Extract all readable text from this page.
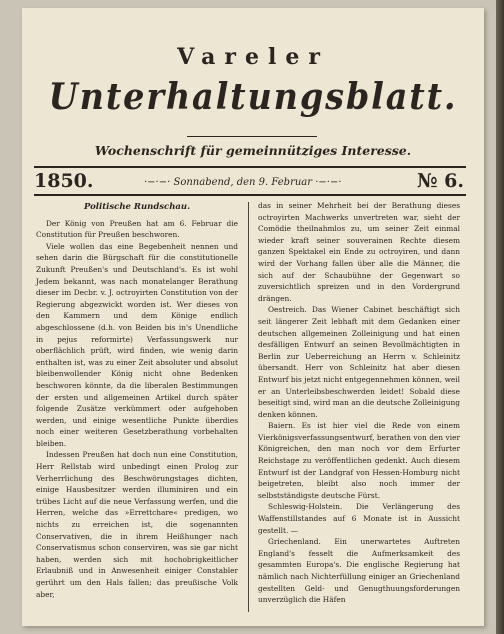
Vareler
Unterhaltungsblatt.
Wochenschrift für gemeinnütziges Interesse.
1850.	·−·−· Sonnabend, den 9. Februar ·−·−·	№ 6.
Politische Rundschau.

Der König von Preußen hat am 6. Februar die Constitution für Preußen beschworen.

Viele wollen das eine Begebenheit nennen und sehen darin die Bürgschaft für die constitutionelle Zukunft Preußen's und Deutschland's. Es ist wohl Jedem bekannt, was nach monatelanger Berathung dieser im Decbr. v. J. octroyirten Constitution von der Regierung abgezwickt worden ist. Wer dieses von den Kammern und dem Könige endlich abgeschlossene (d.h. von Beiden bis in's Unendliche in pejus reformirte) Verfassungswerk nur oberflächlich prüft, wird finden, wie wenig darin enthalten ist, was zu einer Zeit absoluter und absolut bleibenwollender König nicht ohne Bedenken beschworen könnte, da die liberalen Bestimmungen der ersten und allgemeinen Artikel durch später folgende Zusätze verkümmert oder aufgehoben werden, und einige wesentliche Punkte überdies noch einer weiteren Gesetzberathung vorbehalten bleiben.

Indessen Preußen hat doch nun eine Constitution, Herr Rellstab wird unbedingt einen Prolog zur Verherrlichung des Beschwörungstages dichten, einige Hausbesitzer werden illuminiren und ein trübes Licht auf die neue Verfassung werfen, und die Herren, welche das »Errettchare« predigen, wo nichts zu erreichen ist, die sogenannten Conservativen, die in ihrem Heißhunger nach Conservatismus schon conserviren, was sie gar nicht haben, werden sich mit hochobrigkeitlicher Erlaubniß und in Anwesenheit einiger Constabler gerührt um den Hals fallen; das preußische Volk aber,

das in seiner Mehrheit bei der Berathung dieses octroyirten Machwerks unvertreten war, sieht der Comödie theilnahmlos zu, um seiner Zeit einmal wieder kraft seiner souverainen Rechte diesem ganzen Spektakel ein Ende zu octroyiren, und dann wird der Vorhang fallen über alle die Männer, die sich auf der Schaubühne der Gegenwart so zuversichtlich spreizen und in den Vordergrund drängen.

Oestreich. Das Wiener Cabinet beschäftigt sich seit längerer Zeit lebhaft mit dem Gedanken einer deutschen allgemeinen Zolleinigung und hat einen desfälligen Entwurf an seinen Bevollmächtigten in Berlin zur Ueberreichung an Herrn v. Schleinitz übersandt. Herr von Schleinitz hat aber diesen Entwurf bis jetzt nicht entgegennehmen können, weil er an Unterleibsbeschwerden leidet! Sobald diese beseitigt sind, wird man an die deutsche Zolleinigung denken können.

Baiern. Es ist hier viel die Rede von einem Vierkönigsverfassungsentwurf, berathen von den vier Königreichen, den man noch vor dem Erfurter Reichstage zu veröffentlichen gedenkt. Auch diesem Entwurf ist der Landgraf von Hessen-Homburg nicht beigetreten, bleibt also noch immer der selbstständigste deutsche Fürst.

Schleswig-Holstein. Die Verlängerung des Waffenstillstandes auf 6 Monate ist in Aussicht gestellt. —

Griechenland. Ein unerwartetes Auftreten England's fesselt die Aufmerksamkeit des gesammten Europa's. Die englische Regierung hat nämlich nach Nichterfüllung einiger an Griechenland gestellten Geld- und Genugthuungsforderungen unverzüglich die Häfen
